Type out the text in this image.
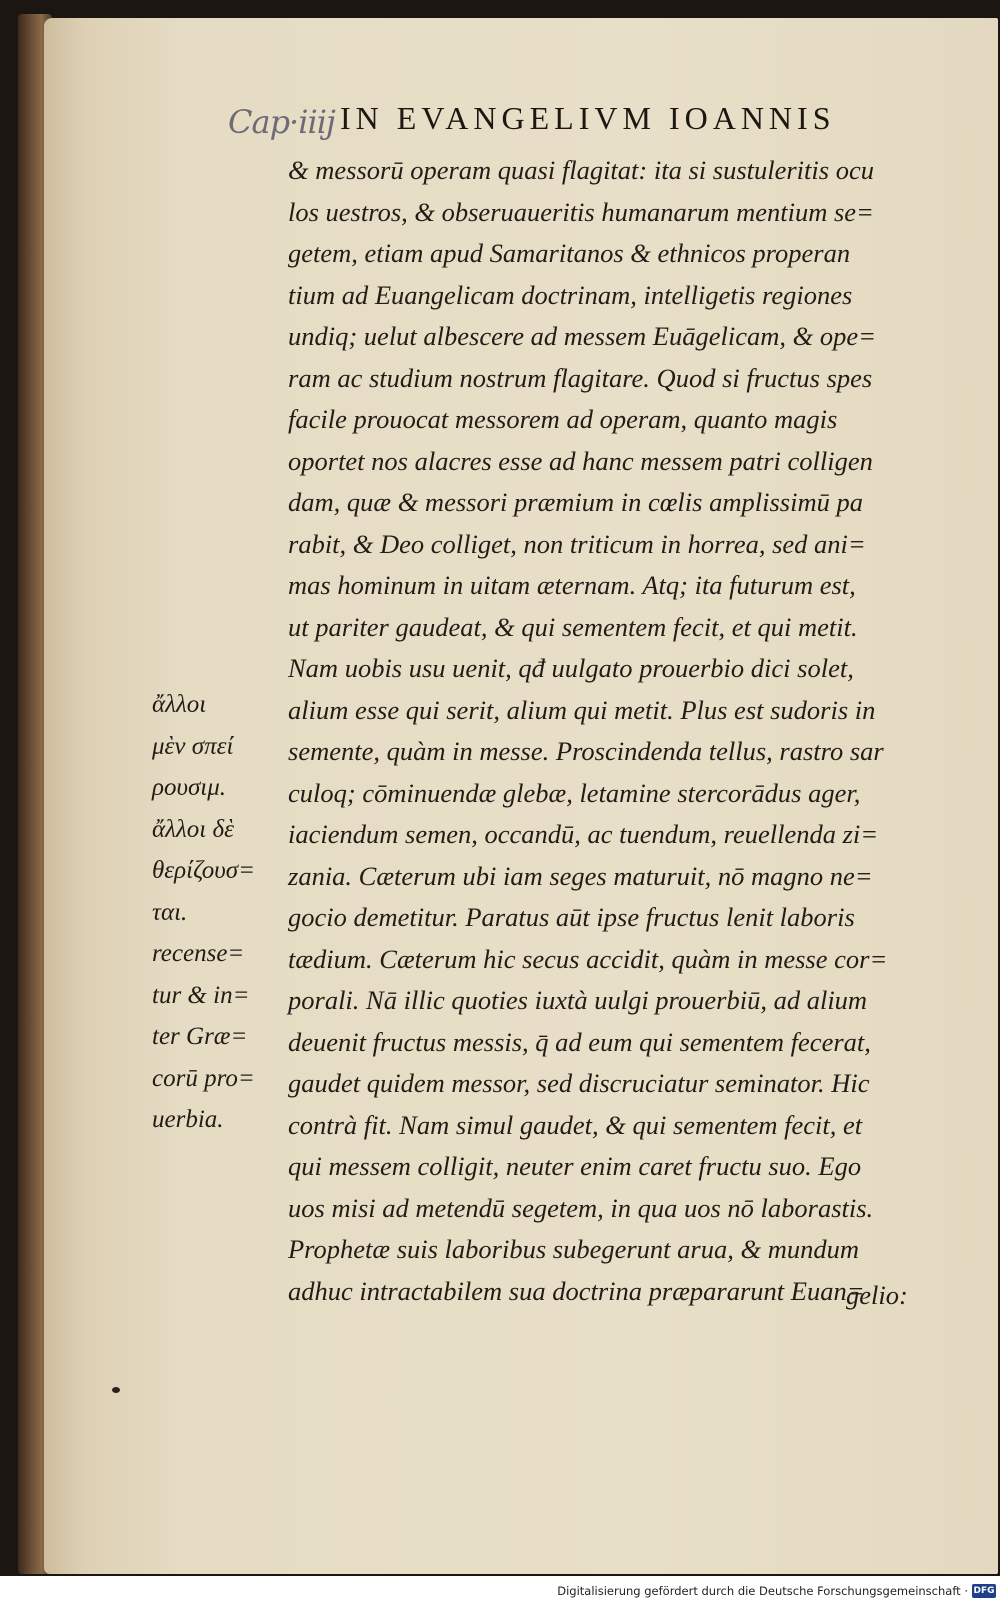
Cap·iiij IN EVANGELIVM IOANNIS
& messorū operam quasi flagitat: ita si sustuleritis ocu
los uestros, & obseruaueritis humanarum mentium se=
getem, etiam apud Samaritanos & ethnicos properan
tium ad Euangelicam doctrinam, intelligetis regiones
undiq; uelut albescere ad messem Euāgelicam, & ope=
ram ac studium nostrum flagitare. Quod si fructus spes
facile prouocat messorem ad operam, quanto magis
oportet nos alacres esse ad hanc messem patri colligen
dam, quæ & messori præmium in cœlis amplissimū pa
rabit, & Deo colliget, non triticum in horrea, sed ani=
mas hominum in uitam æternam. Atq; ita futurum est,
ut pariter gaudeat, & qui sementem fecit, et qui metit.
Nam uobis usu uenit, qđ uulgato prouerbio dici solet,
alium esse qui serit, alium qui metit. Plus est sudoris in
semente, quàm in messe. Proscindenda tellus, rastro sar
culoq; cōminuendæ glebæ, letamine stercorādus ager,
iaciendum semen, occandū, ac tuendum, reuellenda zi=
zania. Cæterum ubi iam seges maturuit, nō magno ne=
gocio demetitur. Paratus aūt ipse fructus lenit laboris
tædium. Cæterum hic secus accidit, quàm in messe cor=
porali. Nā illic quoties iuxtà uulgi prouerbiū, ad alium
deuenit fructus messis, q̄ ad eum qui sementem fecerat,
gaudet quidem messor, sed discruciatur seminator. Hic
contrà fit. Nam simul gaudet, & qui sementem fecit, et
qui messem colligit, neuter enim caret fructu suo. Ego
uos misi ad metendū segetem, in qua uos nō laborastis.
Prophetæ suis laboribus subegerunt arua, & mundum
adhuc intractabilem sua doctrina præpararunt Euan=
gelio:
ἄλλοι
μὲν σπεί
ρουσιμ.
ἄλλοι δὲ
θερίζουσ=
ται.
recense=
tur & in=
ter Græ=
corū pro=
uerbia.
Digitalisierung gefördert durch die Deutsche Forschungsgemeinschaft · DFG
